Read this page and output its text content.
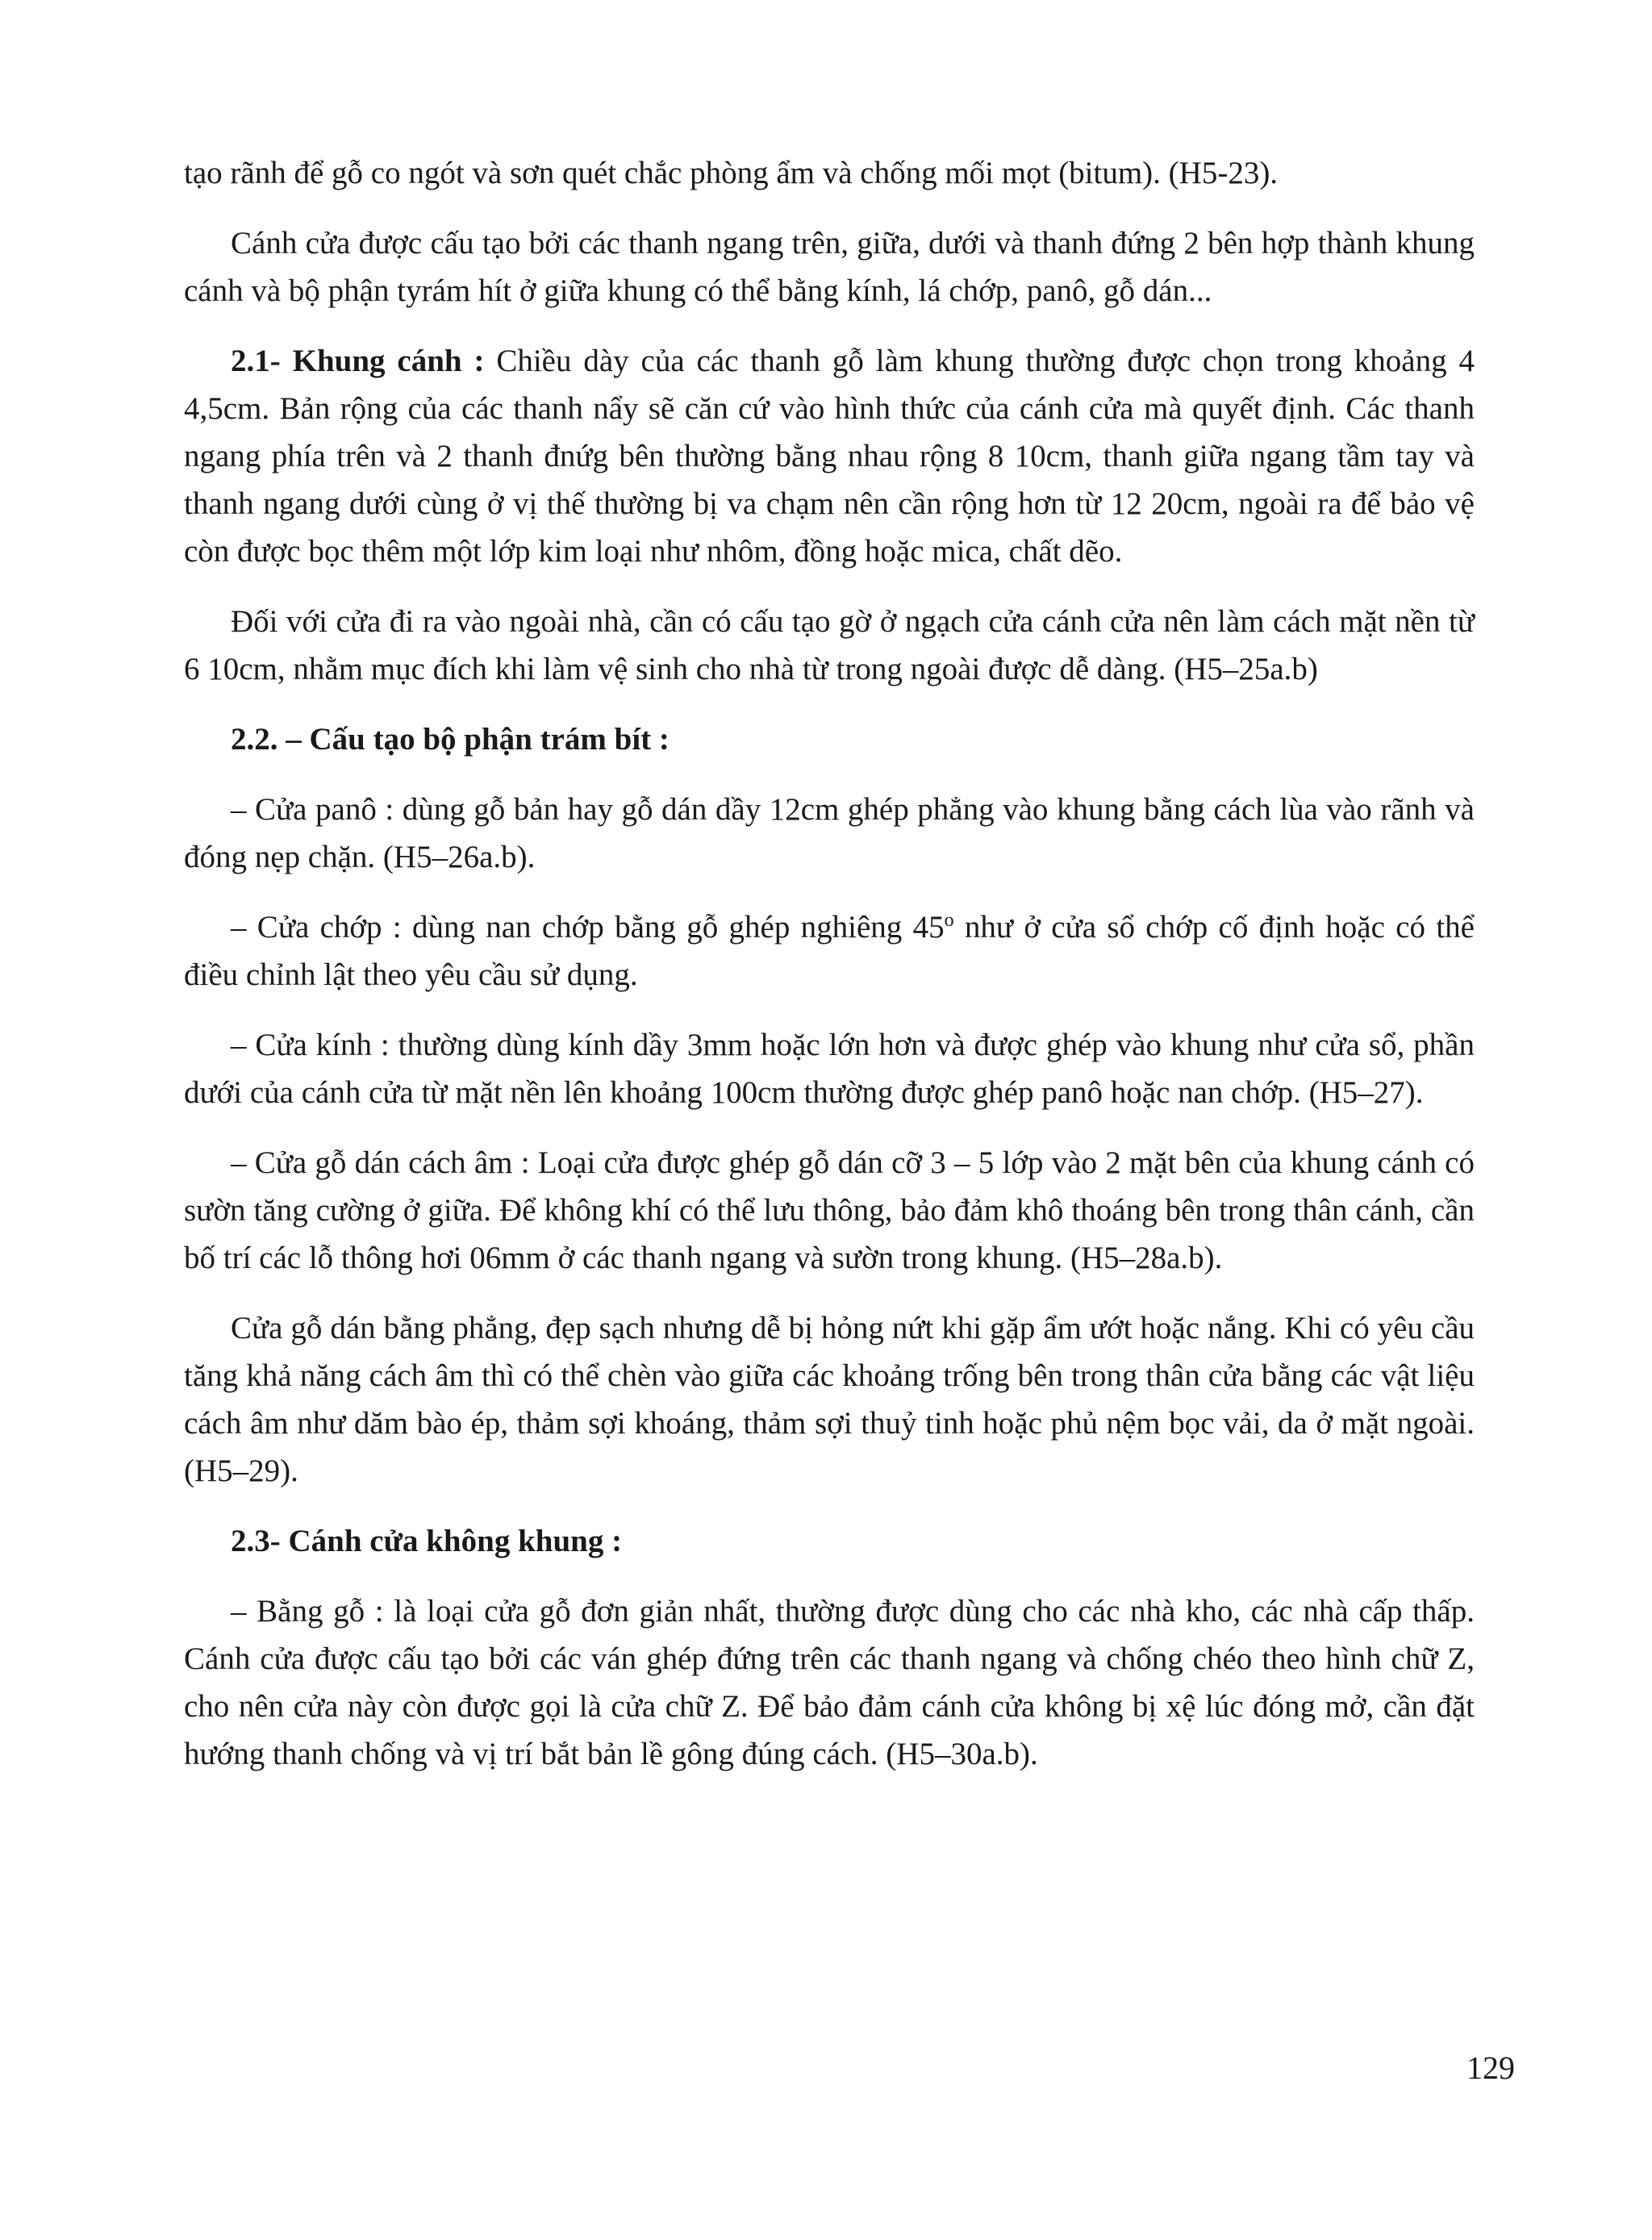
tạo rãnh để gỗ co ngót và sơn quét chắc phòng ẩm và chống mối mọt (bitum). (H5-23).

Cánh cửa được cấu tạo bởi các thanh ngang trên, giữa, dưới và thanh đứng 2 bên hợp thành khung cánh và bộ phận tyrám hít ở giữa khung có thể bằng kính, lá chớp, panô, gỗ dán...

2.1- Khung cánh : Chiều dày của các thanh gỗ làm khung thường được chọn trong khoảng 4 4,5cm. Bản rộng của các thanh nẩy sẽ căn cứ vào hình thức của cánh cửa mà quyết định. Các thanh ngang phía trên và 2 thanh đnứg bên thường bằng nhau rộng 8 10cm, thanh giữa ngang tầm tay và thanh ngang dưới cùng ở vị thế thường bị va chạm nên cần rộng hơn từ 12 20cm, ngoài ra để bảo vệ còn được bọc thêm một lớp kim loại như nhôm, đồng hoặc mica, chất dẽo.

Đối với cửa đi ra vào ngoài nhà, cần có cấu tạo gờ ở ngạch cửa cánh cửa nên làm cách mặt nền từ 6 10cm, nhằm mục đích khi làm vệ sinh cho nhà từ trong ngoài được dễ dàng. (H5–25a.b)

2.2. – Cấu tạo bộ phận trám bít :

– Cửa panô : dùng gỗ bản hay gỗ dán dầy 12cm ghép phẳng vào khung bằng cách lùa vào rãnh và đóng nẹp chặn. (H5–26a.b).

– Cửa chớp : dùng nan chớp bằng gỗ ghép nghiêng 45$^o$ như ở cửa sổ chớp cố định hoặc có thể điều chỉnh lật theo yêu cầu sử dụng.

– Cửa kính : thường dùng kính dầy 3mm hoặc lớn hơn và được ghép vào khung như cửa sổ, phần dưới của cánh cửa từ mặt nền lên khoảng 100cm thường được ghép panô hoặc nan chớp. (H5–27).

– Cửa gỗ dán cách âm : Loại cửa được ghép gỗ dán cỡ 3 – 5 lớp vào 2 mặt bên của khung cánh có sườn tăng cường ở giữa. Để không khí có thể lưu thông, bảo đảm khô thoáng bên trong thân cánh, cần bố trí các lỗ thông hơi 06mm ở các thanh ngang và sườn trong khung. (H5–28a.b).

Cửa gỗ dán bằng phẳng, đẹp sạch nhưng dễ bị hỏng nứt khi gặp ẩm ướt hoặc nắng. Khi có yêu cầu tăng khả năng cách âm thì có thể chèn vào giữa các khoảng trống bên trong thân cửa bằng các vật liệu cách âm như dăm bào ép, thảm sợi khoáng, thảm sợi thuỷ tinh hoặc phủ nệm bọc vải, da ở mặt ngoài. (H5–29).

2.3- Cánh cửa không khung :

– Bằng gỗ : là loại cửa gỗ đơn giản nhất, thường được dùng cho các nhà kho, các nhà cấp thấp. Cánh cửa được cấu tạo bởi các ván ghép đứng trên các thanh ngang và chống chéo theo hình chữ Z, cho nên cửa này còn được gọi là cửa chữ Z. Để bảo đảm cánh cửa không bị xệ lúc đóng mở, cần đặt hướng thanh chống và vị trí bắt bản lề gông đúng cách. (H5–30a.b).

129
